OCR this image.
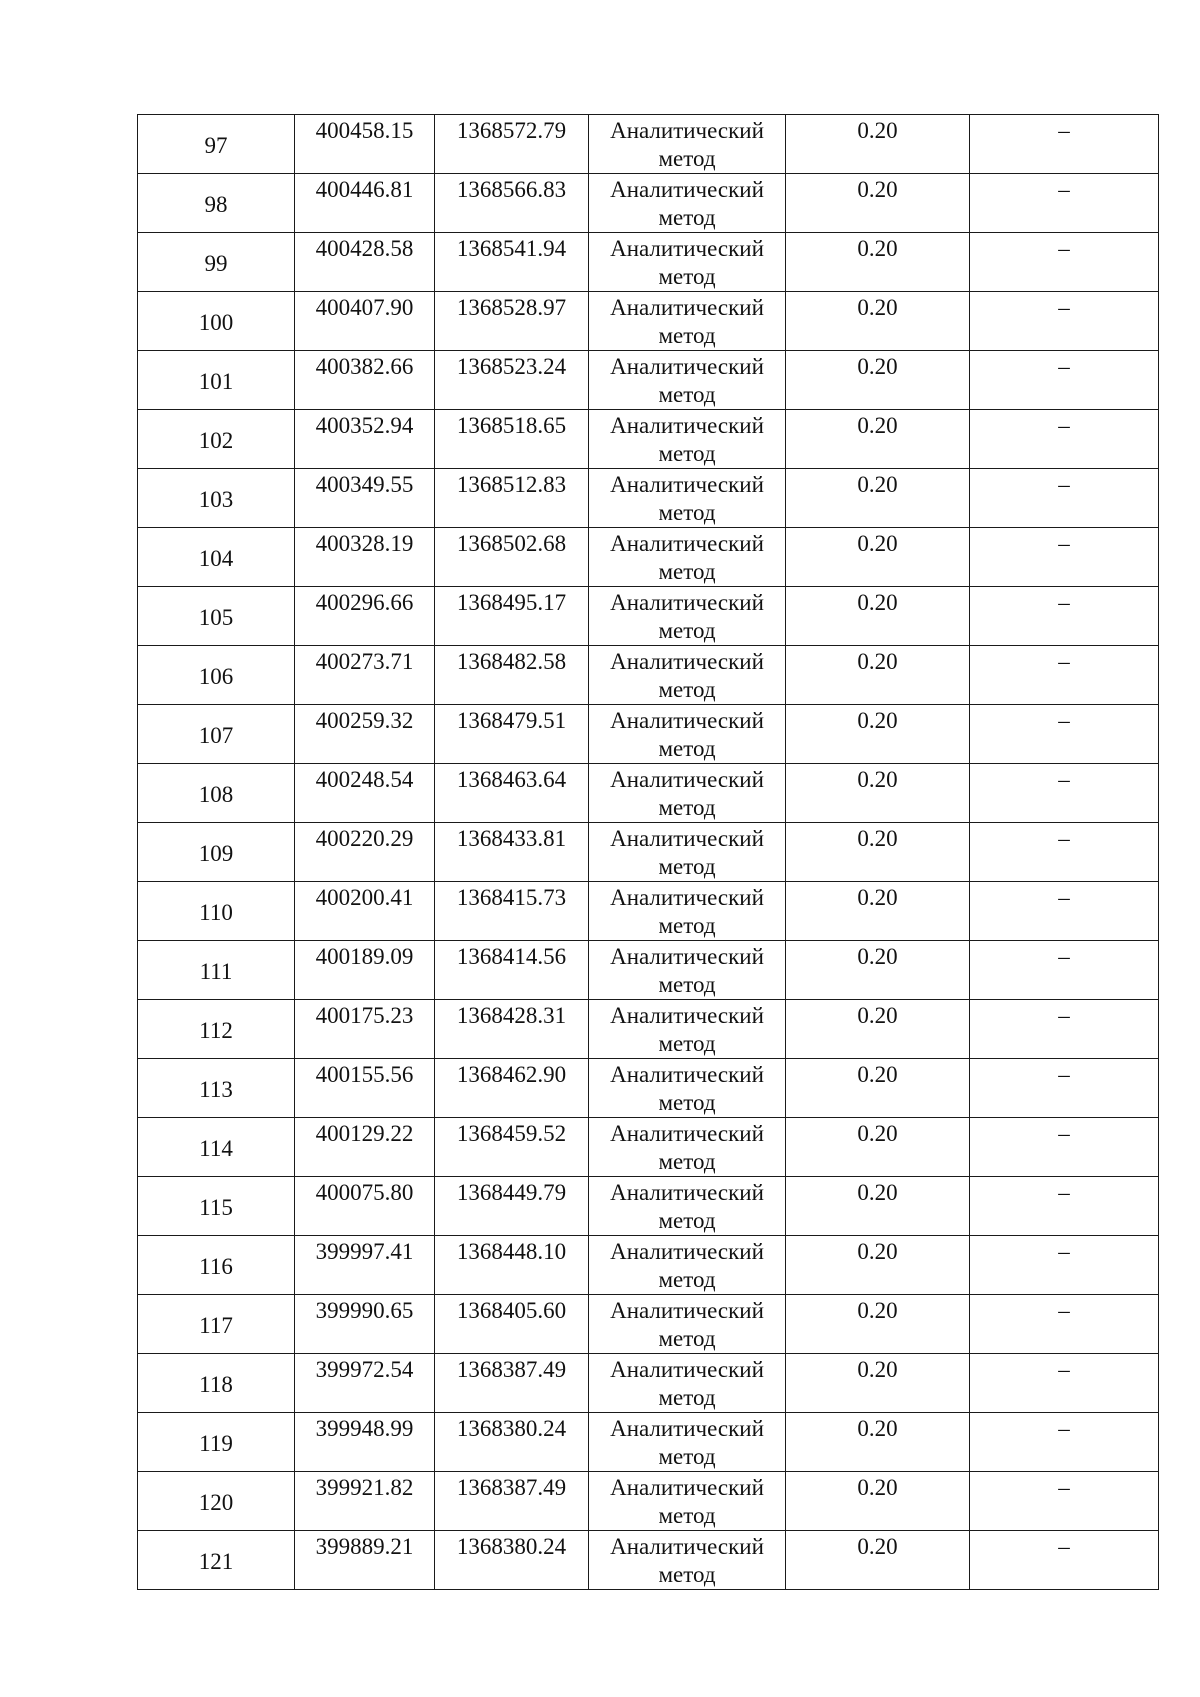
97	400458.15	1368572.79	Аналитический метод	0.20	–

98	400446.81	1368566.83	Аналитический метод	0.20	–

99	400428.58	1368541.94	Аналитический метод	0.20	–

100	400407.90	1368528.97	Аналитический метод	0.20	–

101	400382.66	1368523.24	Аналитический метод	0.20	–

102	400352.94	1368518.65	Аналитический метод	0.20	–

103	400349.55	1368512.83	Аналитический метод	0.20	–

104	400328.19	1368502.68	Аналитический метод	0.20	–

105	400296.66	1368495.17	Аналитический метод	0.20	–

106	400273.71	1368482.58	Аналитический метод	0.20	–

107	400259.32	1368479.51	Аналитический метод	0.20	–

108	400248.54	1368463.64	Аналитический метод	0.20	–

109	400220.29	1368433.81	Аналитический метод	0.20	–

110	400200.41	1368415.73	Аналитический метод	0.20	–

111	400189.09	1368414.56	Аналитический метод	0.20	–

112	400175.23	1368428.31	Аналитический метод	0.20	–

113	400155.56	1368462.90	Аналитический метод	0.20	–

114	400129.22	1368459.52	Аналитический метод	0.20	–

115	400075.80	1368449.79	Аналитический метод	0.20	–

116	399997.41	1368448.10	Аналитический метод	0.20	–

117	399990.65	1368405.60	Аналитический метод	0.20	–

118	399972.54	1368387.49	Аналитический метод	0.20	–

119	399948.99	1368380.24	Аналитический метод	0.20	–

120	399921.82	1368387.49	Аналитический метод	0.20	–

121	399889.21	1368380.24	Аналитический метод	0.20	–
